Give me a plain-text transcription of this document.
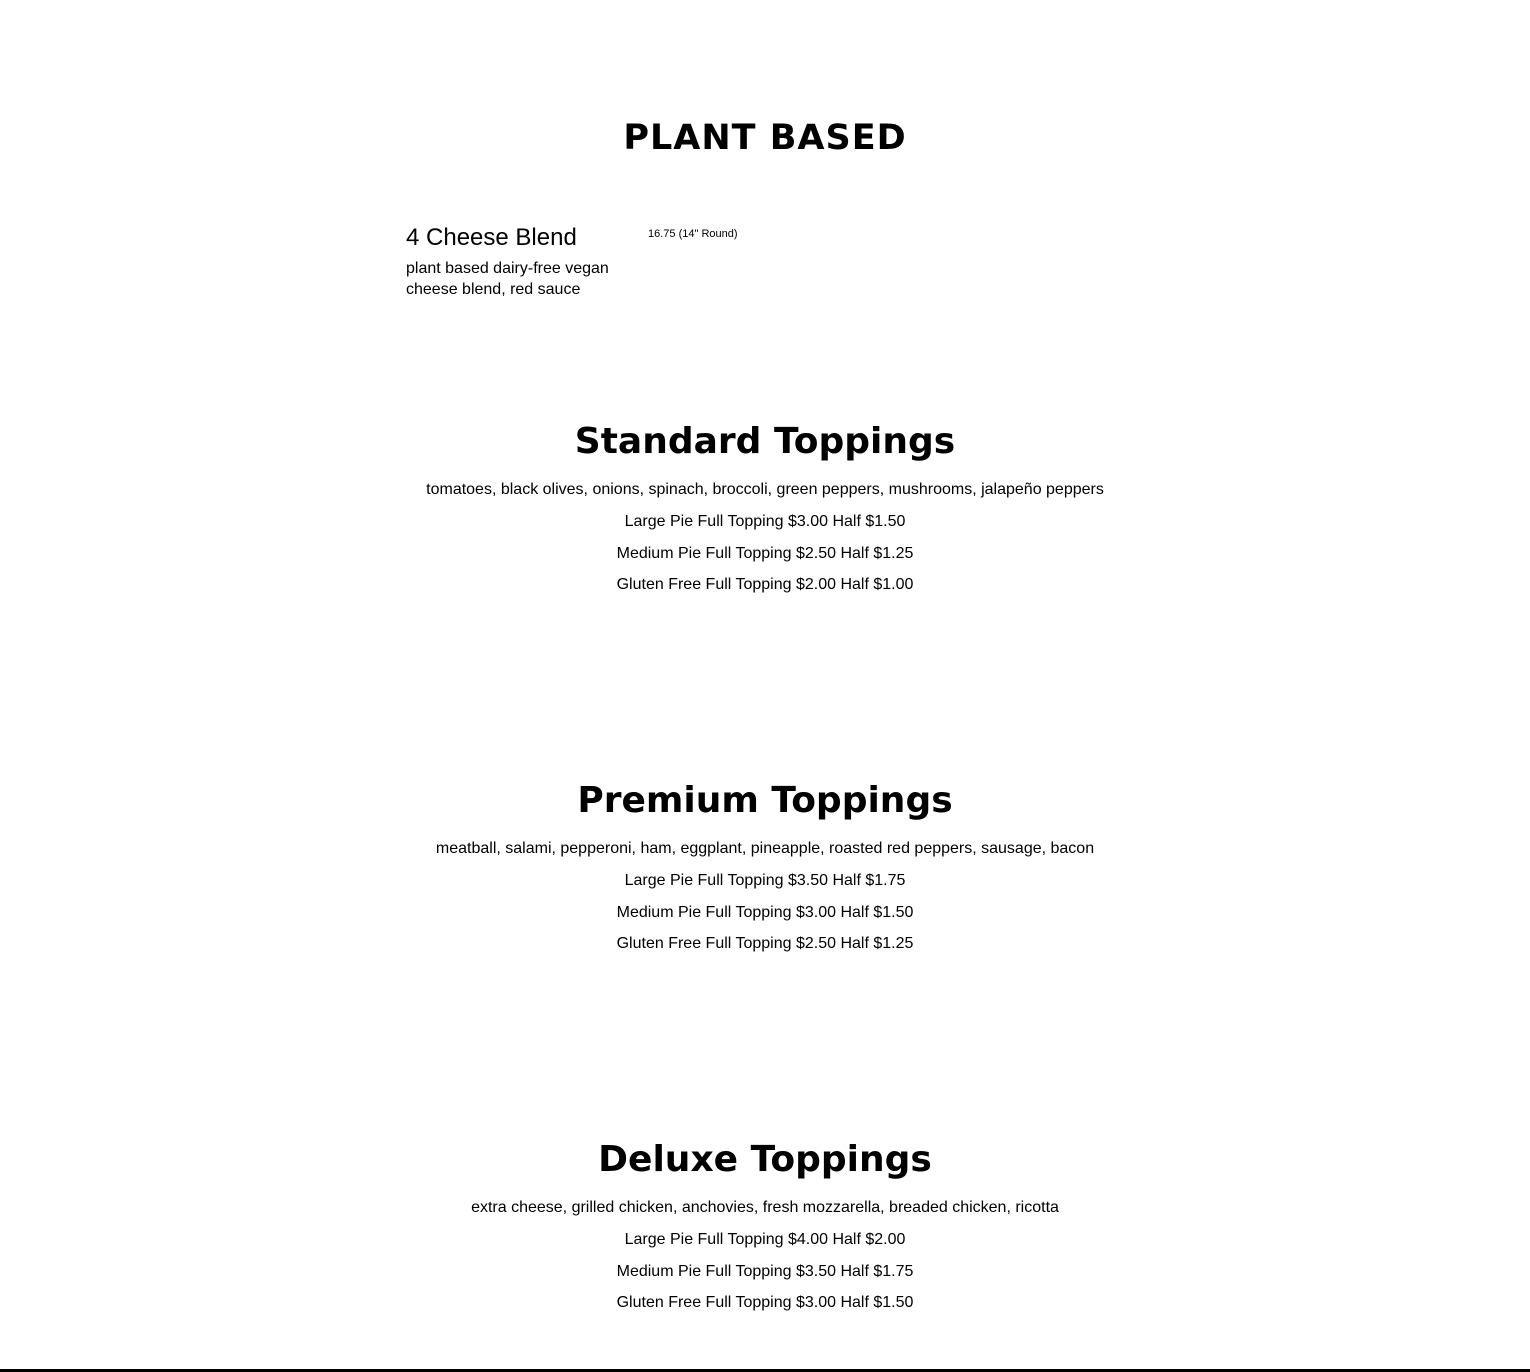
PLANT BASED
4 Cheese Blend	16.75 (14" Round)
plant based dairy-free vegan cheese blend, red sauce
Standard Toppings

tomatoes, black olives, onions, spinach, broccoli, green peppers, mushrooms, jalapeño peppers

Large Pie Full Topping $3.00 Half $1.50

Medium Pie Full Topping $2.50 Half $1.25

Gluten Free Full Topping $2.00 Half $1.00

Premium Toppings

meatball, salami, pepperoni, ham, eggplant, pineapple, roasted red peppers, sausage, bacon

Large Pie Full Topping $3.50 Half $1.75

Medium Pie Full Topping $3.00 Half $1.50

Gluten Free Full Topping $2.50 Half $1.25

Deluxe Toppings

extra cheese, grilled chicken, anchovies, fresh mozzarella, breaded chicken, ricotta

Large Pie Full Topping $4.00 Half $2.00

Medium Pie Full Topping $3.50 Half $1.75

Gluten Free Full Topping $3.00 Half $1.50
